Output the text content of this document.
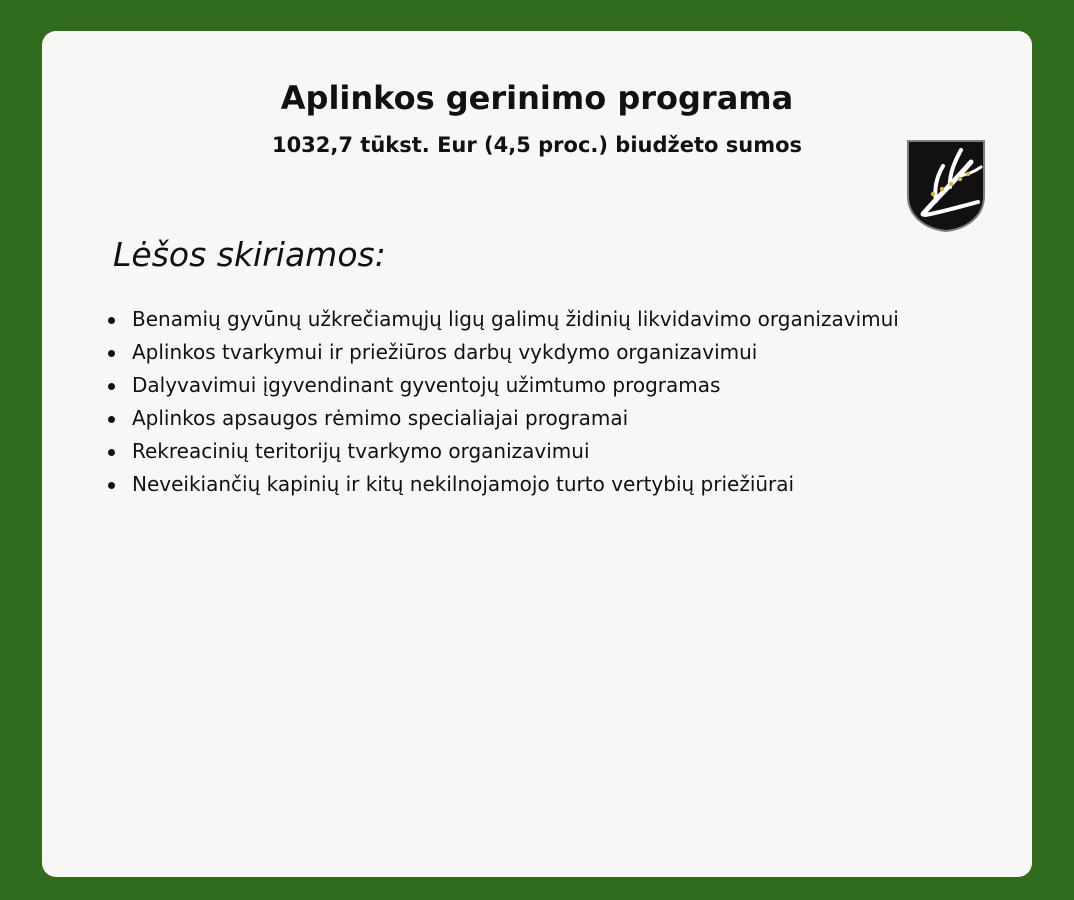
Aplinkos gerinimo programa

1032,7 tūkst. Eur (4,5 proc.) biudžeto sumos

Lėšos skiriamos:
Benamių gyvūnų užkrečiamųjų ligų galimų židinių likvidavimo organizavimui
Aplinkos tvarkymui ir priežiūros darbų vykdymo organizavimui
Dalyvavimui įgyvendinant gyventojų užimtumo programas
Aplinkos apsaugos rėmimo specialiajai programai
Rekreacinių teritorijų tvarkymo organizavimui
Neveikiančių kapinių ir kitų nekilnojamojo turto vertybių priežiūrai
